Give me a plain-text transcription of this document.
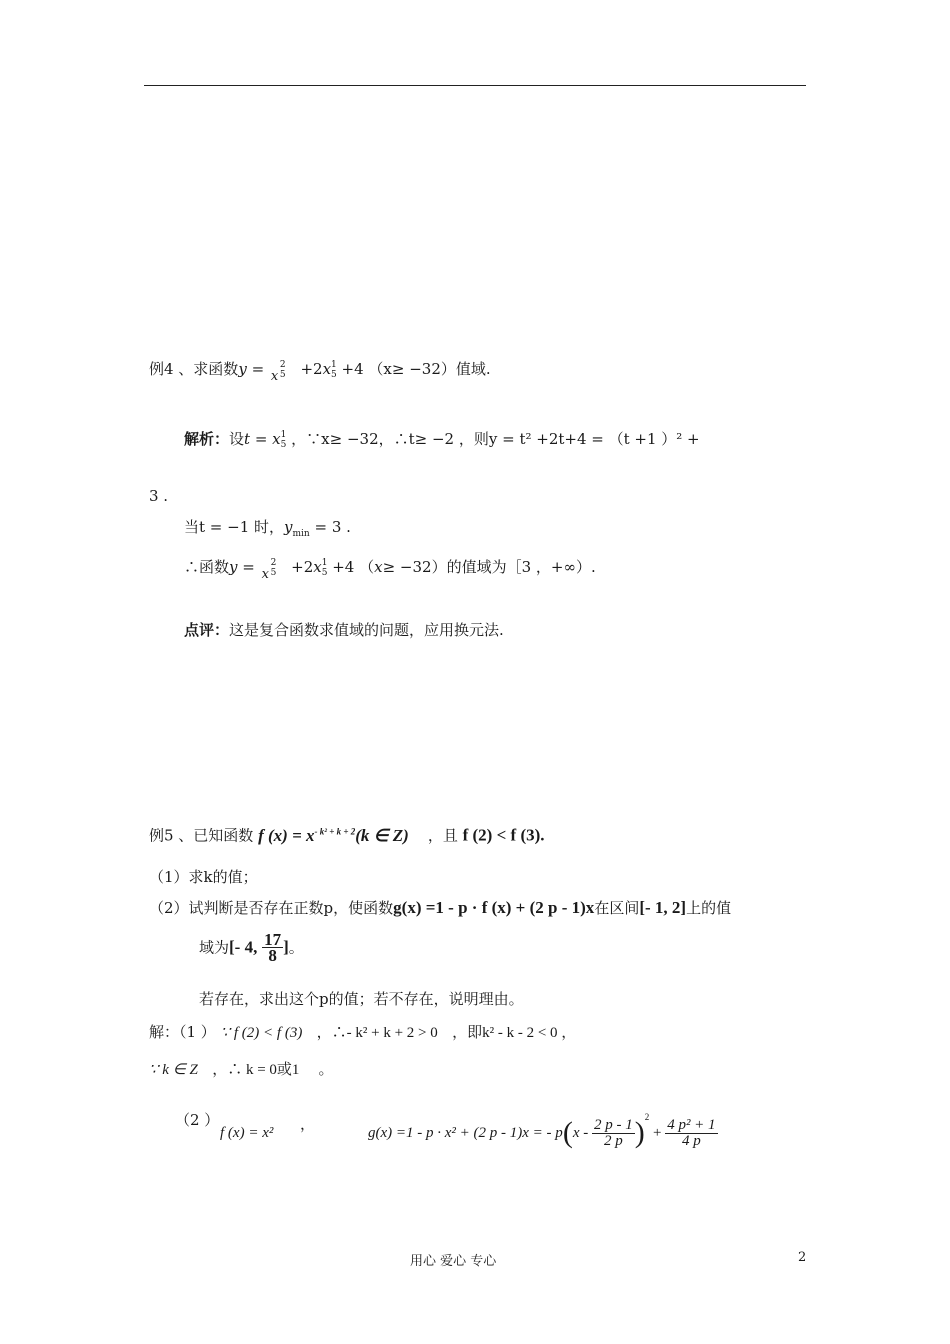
例4 、求函数y = x
2
5 +2x 1
5 +4 （x≥ −32）值域.
解析：设t = x 1
5 ，∵x≥ −32，∴t≥ −2 ，则y = t² +2t+4 = （t +1 ）² +
3 .
当t = −1 时，$y_{min} = 3$ .
∴函数y = x
2
5 +2x 1
5 +4 （x≥ −32）的值域为［3 ，+∞）.
点评：这是复合函数求值域的问题，应用换元法.
例5 、已知函数 f $(x) = x^{- k^2 + k + 2}(k$ ∈ Z) ，且 f (2) < f (3).
（1）求k的值；
（2）试判断是否存在正数p，使函数g(x) =1 - p · f (x) + (2 p - 1)x在区间[- 1, 2]上的值
域为[- 4, $\frac{17}{8}$ ]。
若存在，求出这个p的值；若不存在，说明理由。
解：（1 ） ∵ f (2) < f (3) ，∴- k² + k + 2 > 0 ，即k² - k - 2 < 0 ，
∵ k ∈ Z ，∴ k = 0或1 。
（2 ）
f (x) = x² ，	g(x) =1 - p · x² + (2 p - 1)x = - p ( x -
$\frac{2 p - 1}{2 p} )^2$

+
$\frac{\text{4 p² + 1}}{4 p}$
用心 爱心 专心	2
